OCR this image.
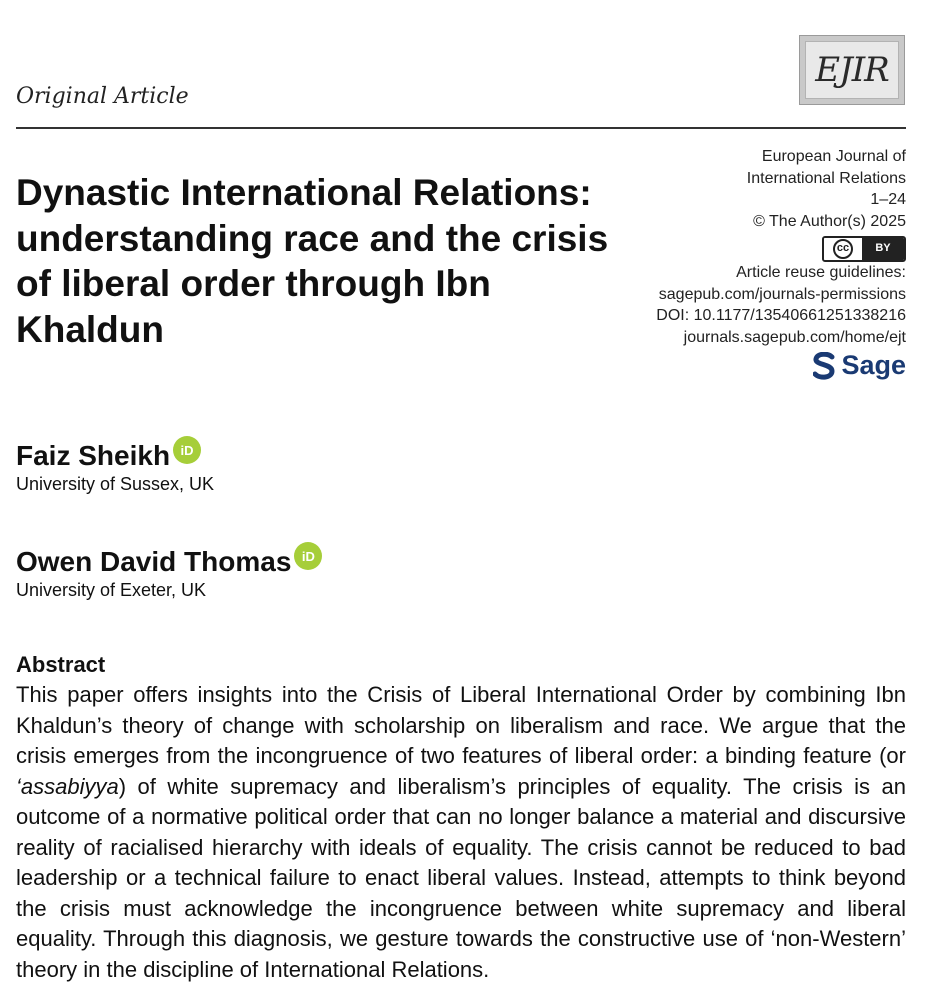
EJIR
Original Article
European Journal of
International Relations
1–24
© The Author(s) 2025
cc	BY
Article reuse guidelines:
sagepub.com/journals-permissions
DOI: 10.1177/13540661251338216
journals.sagepub.com/home/ejt
Sage
Dynastic International Relations: understanding race and the crisis of liberal order through Ibn Khaldun
Faiz Sheikh iD
University of Sussex, UK
Owen David Thomas iD
University of Exeter, UK
Abstract

This paper offers insights into the Crisis of Liberal International Order by combining Ibn Khaldun’s theory of change with scholarship on liberalism and race. We argue that the crisis emerges from the incongruence of two features of liberal order: a binding feature (or ‘assabiyya) of white supremacy and liberalism’s principles of equality. The crisis is an outcome of a normative political order that can no longer balance a material and discursive reality of racialised hierarchy with ideals of equality. The crisis cannot be reduced to bad leadership or a technical failure to enact liberal values. Instead, attempts to think beyond the crisis must acknowledge the incongruence between white supremacy and liberal equality. Through this diagnosis, we gesture towards the constructive use of ‘non-Western’ theory in the discipline of International Relations.
